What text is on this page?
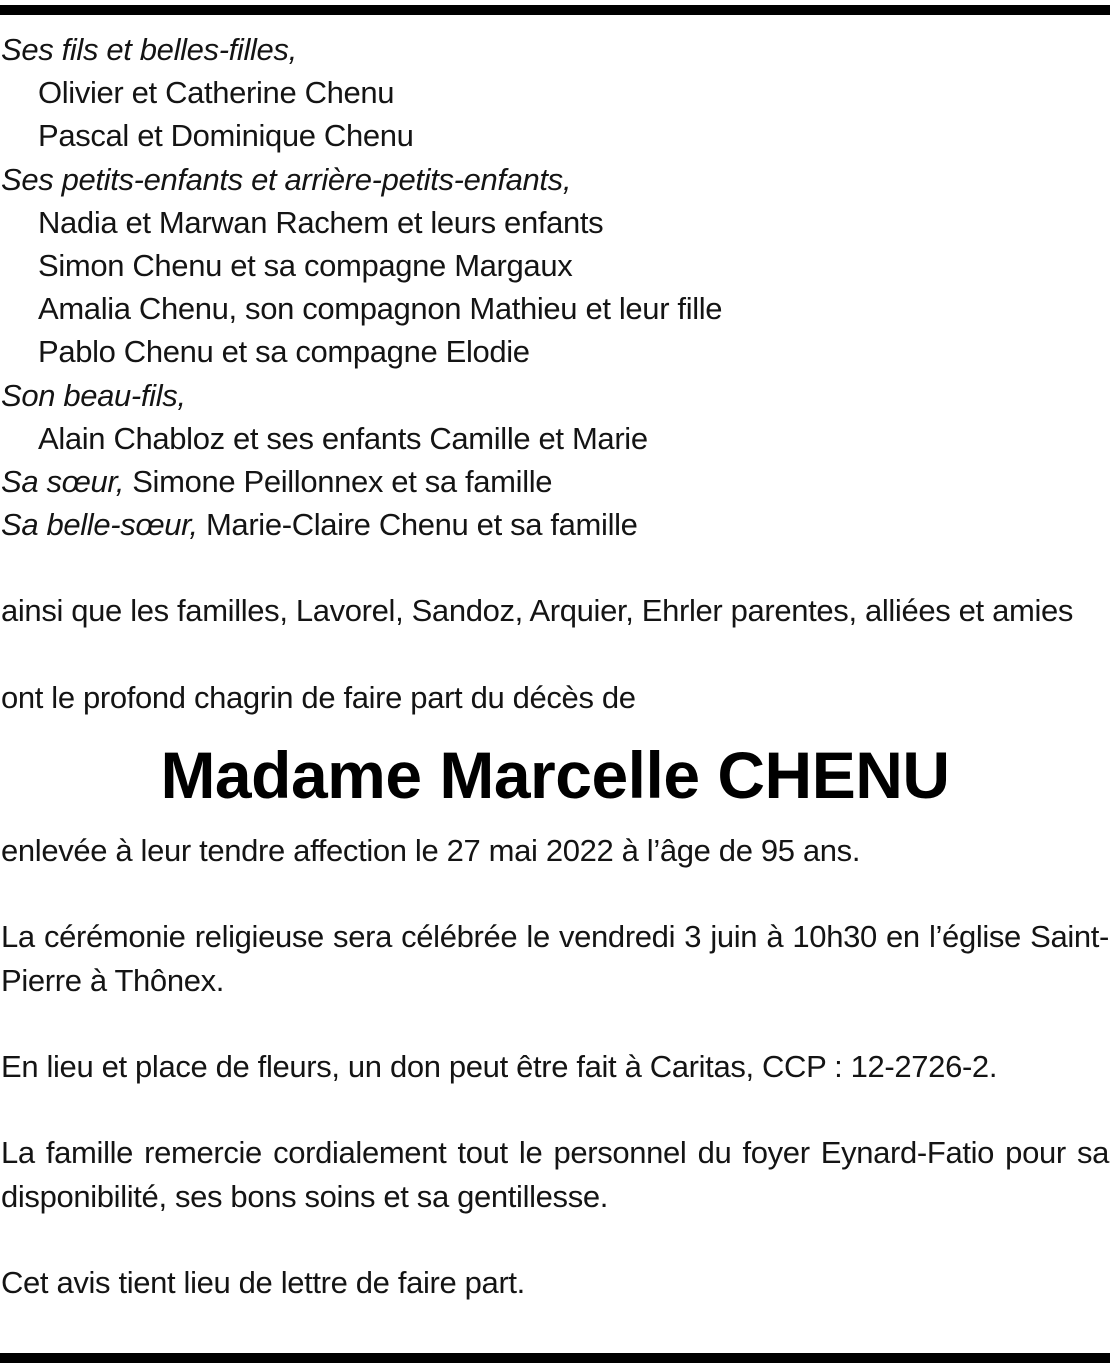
Ses fils et belles-filles,
Olivier et Catherine Chenu
Pascal et Dominique Chenu
Ses petits-enfants et arrière-petits-enfants,
Nadia et Marwan Rachem et leurs enfants
Simon Chenu et sa compagne Margaux
Amalia Chenu, son compagnon Mathieu et leur fille
Pablo Chenu et sa compagne Elodie
Son beau-fils,
Alain Chabloz et ses enfants Camille et Marie
Sa sœur, Simone Peillonnex et sa famille
Sa belle-sœur, Marie-Claire Chenu et sa famille
ainsi que les familles, Lavorel, Sandoz, Arquier, Ehrler parentes, alliées et amies
ont le profond chagrin de faire part du décès de
Madame Marcelle CHENU
enlevée à leur tendre affection le 27 mai 2022 à l’âge de 95 ans.
La cérémonie religieuse sera célébrée le vendredi 3 juin à 10h30 en l’église Saint-Pierre à Thônex.
En lieu et place de fleurs, un don peut être fait à Caritas, CCP : 12-2726-2.
La famille remercie cordialement tout le personnel du foyer Eynard-Fatio pour sa disponibilité, ses bons soins et sa gentillesse.
Cet avis tient lieu de lettre de faire part.
